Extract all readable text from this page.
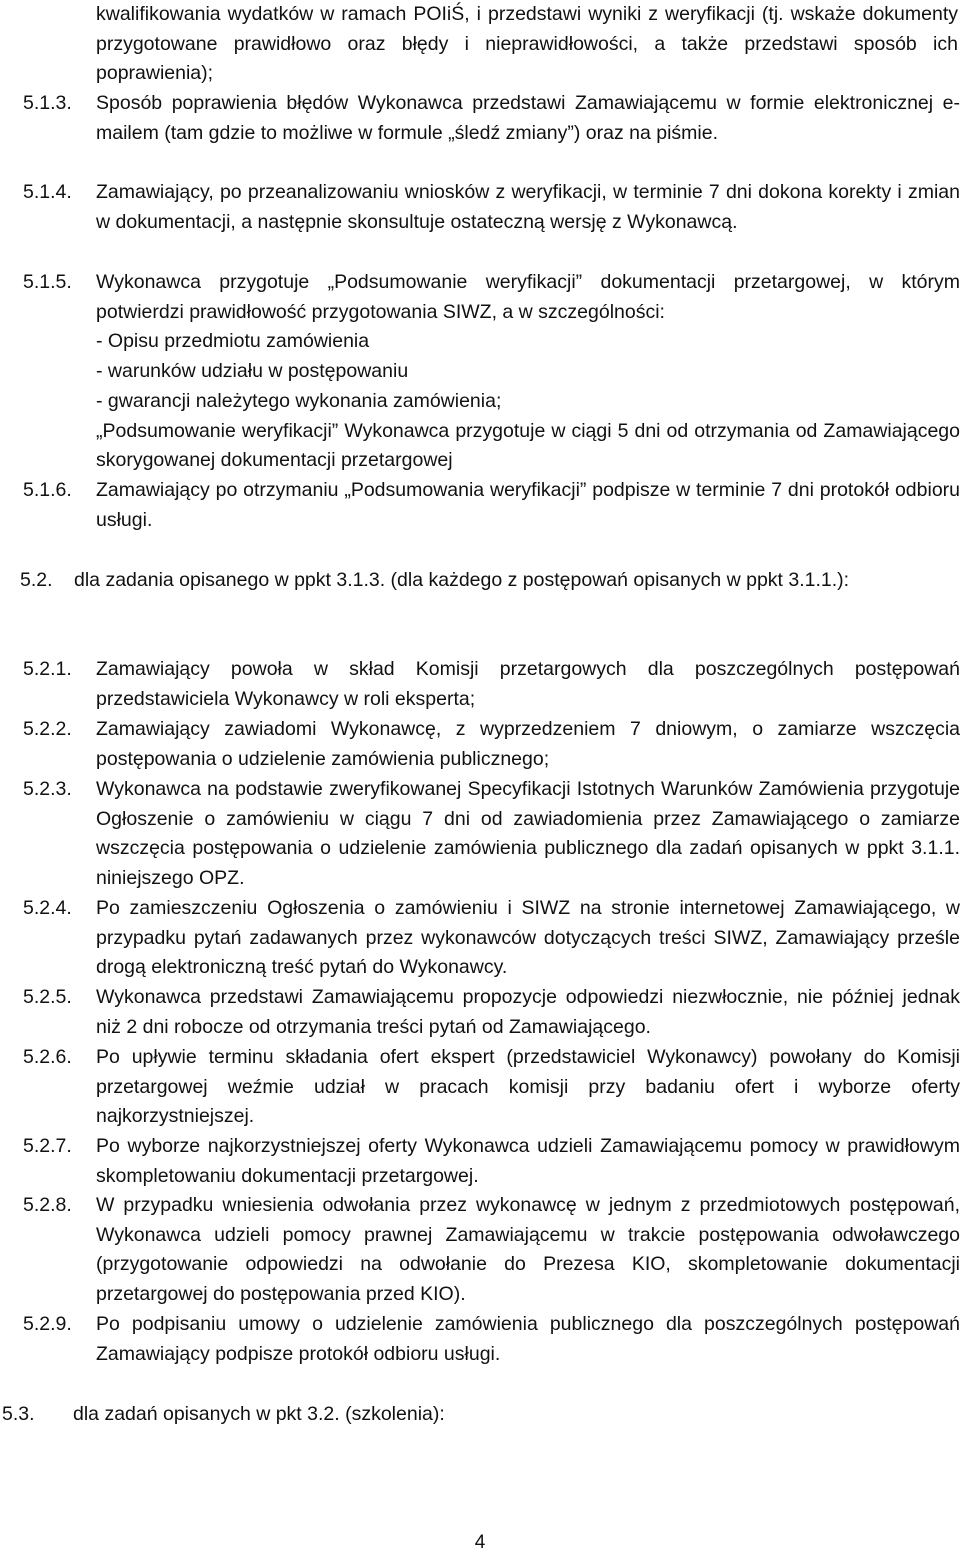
kwalifikowania wydatków w ramach POIiŚ, i przedstawi wyniki z weryfikacji (tj. wskaże dokumenty przygotowane prawidłowo oraz błędy i nieprawidłowości, a także przedstawi sposób ich poprawienia);
5.1.3. Sposób poprawienia błędów Wykonawca przedstawi Zamawiającemu w formie elektronicznej e-mailem (tam gdzie to możliwe w formule „śledź zmiany”) oraz na piśmie.
5.1.4. Zamawiający, po przeanalizowaniu wniosków z weryfikacji, w terminie 7 dni dokona korekty i zmian w dokumentacji, a następnie skonsultuje ostateczną wersję z Wykonawcą.
5.1.5. Wykonawca przygotuje „Podsumowanie weryfikacji” dokumentacji przetargowej, w którym potwierdzi prawidłowość przygotowania SIWZ, a w szczególności:
- Opisu przedmiotu zamówienia
- warunków udziału w postępowaniu
- gwarancji należytego wykonania zamówienia;
„Podsumowanie weryfikacji” Wykonawca przygotuje w ciągi 5 dni od otrzymania od Zamawiającego skorygowanej dokumentacji przetargowej
5.1.6. Zamawiający po otrzymaniu „Podsumowania weryfikacji” podpisze w terminie 7 dni protokół odbioru usługi.
5.2. dla zadania opisanego w ppkt 3.1.3. (dla każdego z postępowań opisanych w ppkt 3.1.1.):
5.2.1. Zamawiający powoła w skład Komisji przetargowych dla poszczególnych postępowań przedstawiciela Wykonawcy w roli eksperta;
5.2.2. Zamawiający zawiadomi Wykonawcę, z wyprzedzeniem 7 dniowym, o zamiarze wszczęcia postępowania o udzielenie zamówienia publicznego;
5.2.3. Wykonawca na podstawie zweryfikowanej Specyfikacji Istotnych Warunków Zamówienia przygotuje Ogłoszenie o zamówieniu w ciągu 7 dni od zawiadomienia przez Zamawiającego o zamiarze wszczęcia postępowania o udzielenie zamówienia publicznego dla zadań opisanych w ppkt 3.1.1. niniejszego OPZ.
5.2.4. Po zamieszczeniu Ogłoszenia o zamówieniu i SIWZ na stronie internetowej Zamawiającego, w przypadku pytań zadawanych przez wykonawców dotyczących treści SIWZ, Zamawiający prześle drogą elektroniczną treść pytań do Wykonawcy.
5.2.5. Wykonawca przedstawi Zamawiającemu propozycje odpowiedzi niezwłocznie, nie później jednak niż 2 dni robocze od otrzymania treści pytań od Zamawiającego.
5.2.6. Po upływie terminu składania ofert ekspert (przedstawiciel Wykonawcy) powołany do Komisji przetargowej weźmie udział w pracach komisji przy badaniu ofert i wyborze oferty najkorzystniejszej.
5.2.7. Po wyborze najkorzystniejszej oferty Wykonawca udzieli Zamawiającemu pomocy w prawidłowym skompletowaniu dokumentacji przetargowej.
5.2.8. W przypadku wniesienia odwołania przez wykonawcę w jednym z przedmiotowych postępowań, Wykonawca udzieli pomocy prawnej Zamawiającemu w trakcie postępowania odwoławczego (przygotowanie odpowiedzi na odwołanie do Prezesa KIO, skompletowanie dokumentacji przetargowej do postępowania przed KIO).
5.2.9. Po podpisaniu umowy o udzielenie zamówienia publicznego dla poszczególnych postępowań Zamawiający podpisze protokół odbioru usługi.
5.3. dla zadań opisanych w pkt 3.2. (szkolenia):
4
